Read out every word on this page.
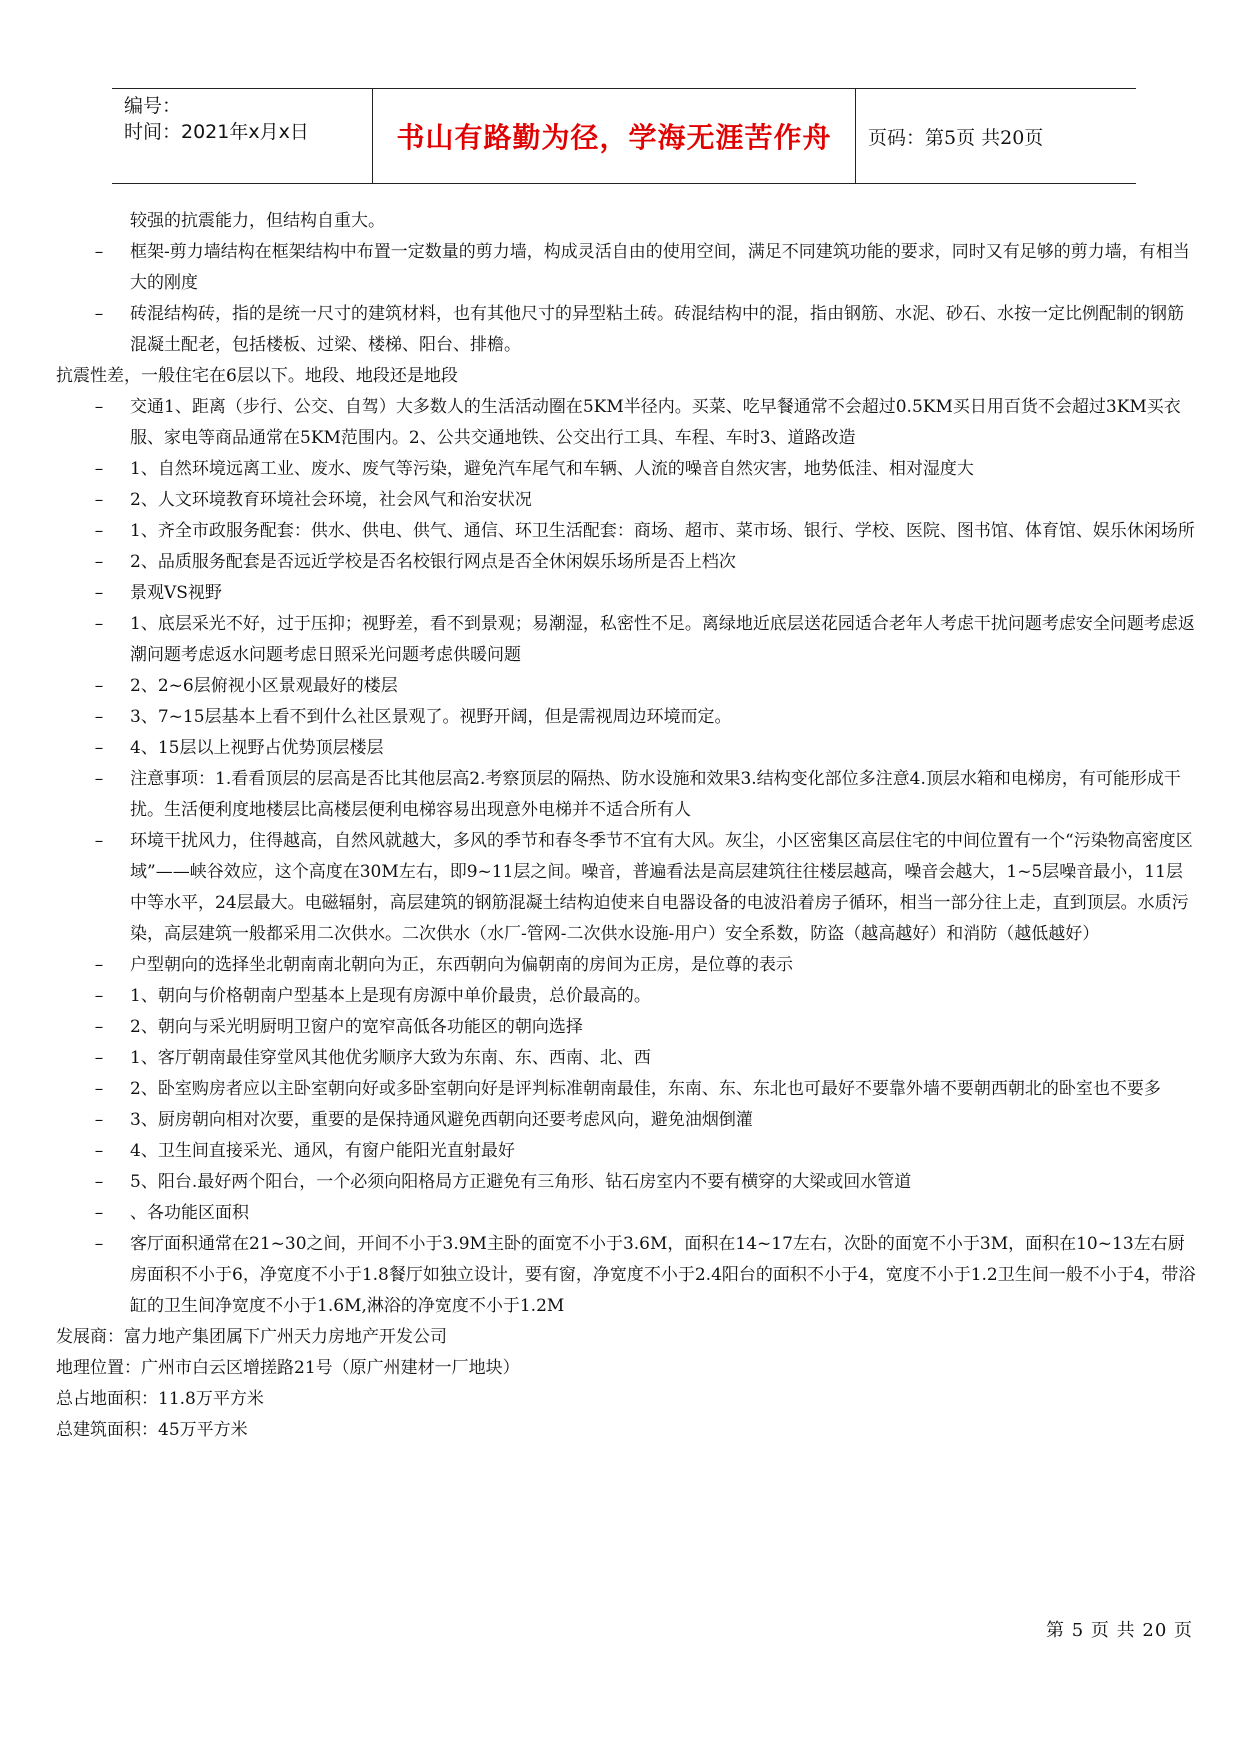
编号：
时间：2021年x月x日	书山有路勤为径，学海无涯苦作舟	页码：第5页 共20页
较强的抗震能力，但结构自重大。
– 框架-剪力墙结构在框架结构中布置一定数量的剪力墙，构成灵活自由的使用空间，满足不同建筑功能的要求，同时又有足够的剪力墙，有相当大的刚度
– 砖混结构砖，指的是统一尺寸的建筑材料，也有其他尺寸的异型粘土砖。砖混结构中的混，指由钢筋、水泥、砂石、水按一定比例配制的钢筋混凝土配老，包括楼板、过梁、楼梯、阳台、排檐。
抗震性差，一般住宅在6层以下。地段、地段还是地段
– 交通1、距离（步行、公交、自驾）大多数人的生活活动圈在5KM半径内。买菜、吃早餐通常不会超过0.5KM买日用百货不会超过3KM买衣服、家电等商品通常在5KM范围内。2、公共交通地铁、公交出行工具、车程、车时3、道路改造
– 1、自然环境远离工业、废水、废气等污染，避免汽车尾气和车辆、人流的噪音自然灾害，地势低洼、相对湿度大
– 2、人文环境教育环境社会环境，社会风气和治安状况
– 1、齐全市政服务配套：供水、供电、供气、通信、环卫生活配套：商场、超市、菜市场、银行、学校、医院、图书馆、体育馆、娱乐休闲场所
– 2、品质服务配套是否远近学校是否名校银行网点是否全休闲娱乐场所是否上档次
– 景观VS视野
– 1、底层采光不好，过于压抑；视野差，看不到景观；易潮湿，私密性不足。离绿地近底层送花园适合老年人考虑干扰问题考虑安全问题考虑返潮问题考虑返水问题考虑日照采光问题考虑供暖问题
– 2、2~6层俯视小区景观最好的楼层
– 3、7~15层基本上看不到什么社区景观了。视野开阔，但是需视周边环境而定。
– 4、15层以上视野占优势顶层楼层
– 注意事项：1.看看顶层的层高是否比其他层高2.考察顶层的隔热、防水设施和效果3.结构变化部位多注意4.顶层水箱和电梯房，有可能形成干扰。生活便利度地楼层比高楼层便利电梯容易出现意外电梯并不适合所有人
– 环境干扰风力，住得越高，自然风就越大，多风的季节和春冬季节不宜有大风。灰尘，小区密集区高层住宅的中间位置有一个“污染物高密度区域”——峡谷效应，这个高度在30M左右，即9~11层之间。噪音，普遍看法是高层建筑往往楼层越高，噪音会越大，1~5层噪音最小，11层中等水平，24层最大。电磁辐射，高层建筑的钢筋混凝土结构迫使来自电器设备的电波沿着房子循环，相当一部分往上走，直到顶层。水质污染，高层建筑一般都采用二次供水。二次供水（水厂-管网-二次供水设施-用户）安全系数，防盗（越高越好）和消防（越低越好）
– 户型朝向的选择坐北朝南南北朝向为正，东西朝向为偏朝南的房间为正房，是位尊的表示
– 1、朝向与价格朝南户型基本上是现有房源中单价最贵，总价最高的。
– 2、朝向与采光明厨明卫窗户的宽窄高低各功能区的朝向选择
– 1、客厅朝南最佳穿堂风其他优劣顺序大致为东南、东、西南、北、西
– 2、卧室购房者应以主卧室朝向好或多卧室朝向好是评判标准朝南最佳，东南、东、东北也可最好不要靠外墙不要朝西朝北的卧室也不要多
– 3、厨房朝向相对次要，重要的是保持通风避免西朝向还要考虑风向，避免油烟倒灌
– 4、卫生间直接采光、通风，有窗户能阳光直射最好
– 5、阳台.最好两个阳台，一个必须向阳格局方正避免有三角形、钻石房室内不要有横穿的大梁或回水管道
– 、各功能区面积
– 客厅面积通常在21~30之间，开间不小于3.9M主卧的面宽不小于3.6M，面积在14~17左右，次卧的面宽不小于3M，面积在10~13左右厨房面积不小于6，净宽度不小于1.8餐厅如独立设计，要有窗，净宽度不小于2.4阳台的面积不小于4，宽度不小于1.2卫生间一般不小于4，带浴缸的卫生间净宽度不小于1.6M,淋浴的净宽度不小于1.2M
发展商：富力地产集团属下广州天力房地产开发公司
地理位置：广州市白云区增搓路21号（原广州建材一厂地块）
总占地面积：11.8万平方米
总建筑面积：45万平方米
第 5 页 共 20 页
